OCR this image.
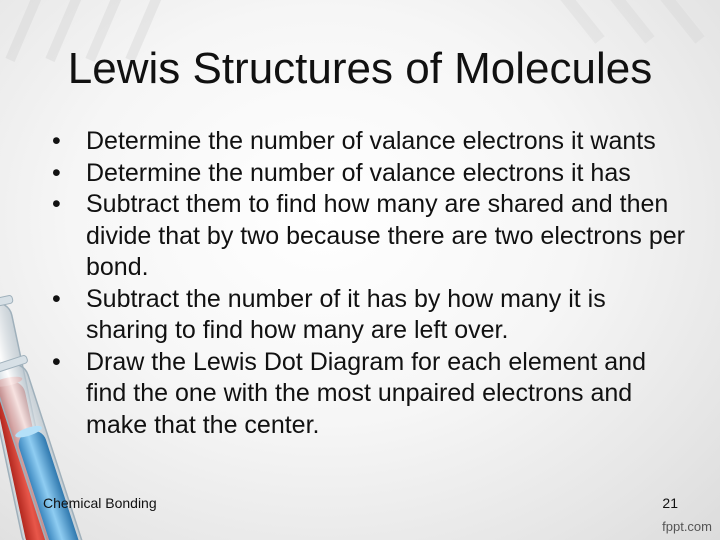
Lewis Structures of Molecules
•	Determine the number of valance electrons it wants
•	Determine the number of valance electrons it has
•	Subtract them to find how many are shared and then divide that by two because there are two electrons per bond.
•	Subtract the number of it has by how many it is sharing to find how many are left over.
•	Draw the Lewis Dot Diagram for each element and find the one with the most unpaired electrons and make that the center.
Chemical Bonding	21
fppt.com
